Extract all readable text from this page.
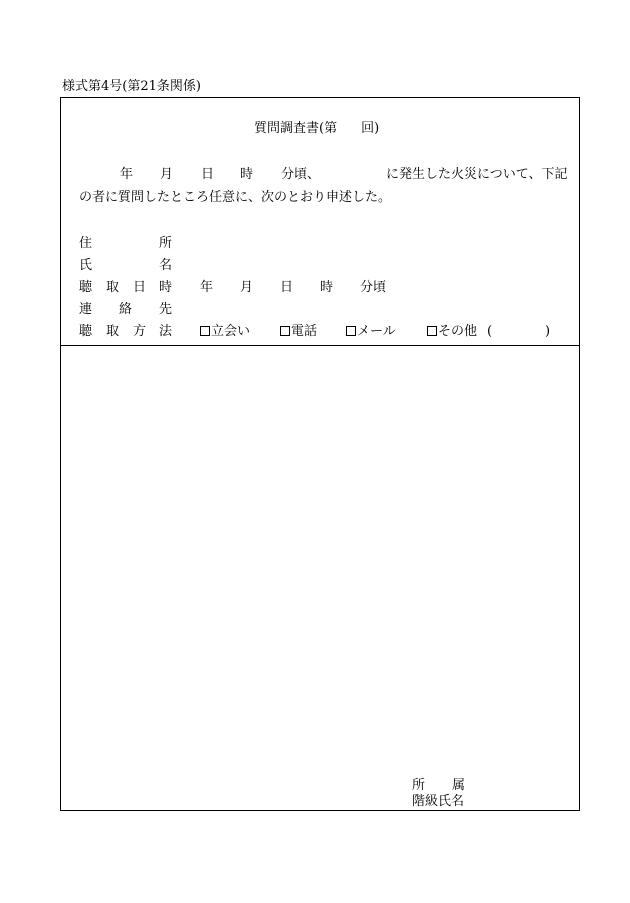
様式第4号(第21条関係)
質問調査書(第 回)
年 月 日 時 分頃、	に発生した火災について、下記
の者に質問したところ任意に、次のとおり申述した。
住	所
氏	名
聴 取 日 時 年 月 日 時 分頃
連 絡 先
聴 取 方 法	立会い	電話	メール	その他 (	)
所 属
階級氏名
